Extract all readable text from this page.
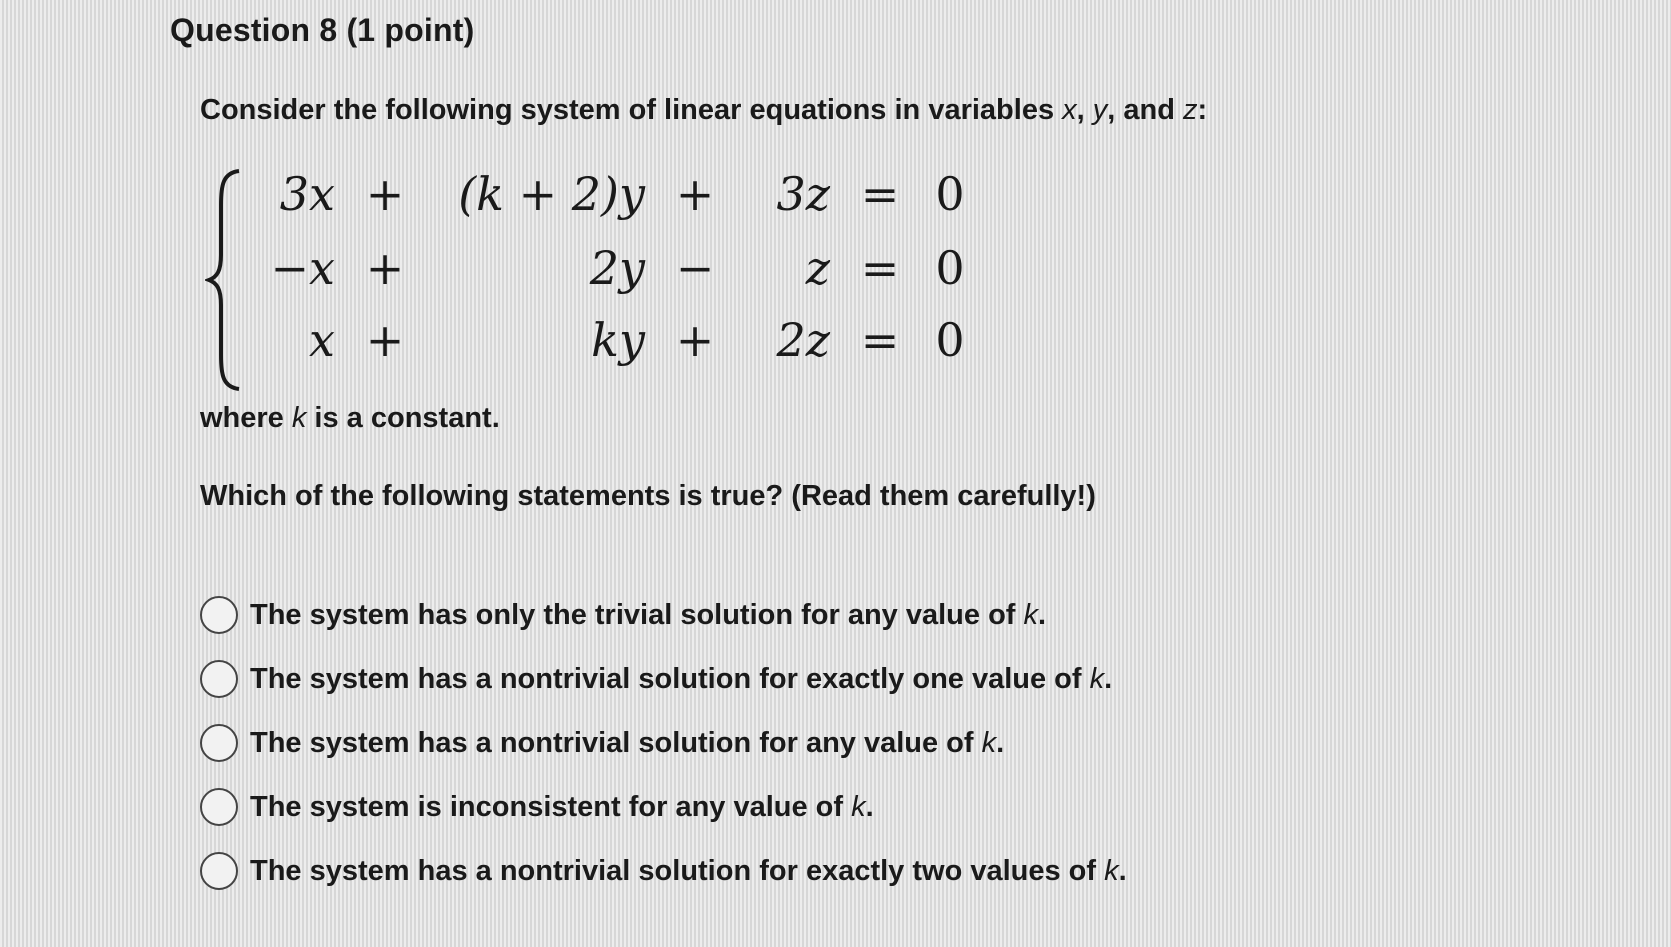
Question 8 (1 point)
Consider the following system of linear equations in variables x, y, and z:
3x + (k + 2)y +	3z = 0
−x +	2y −	z = 0
x +	ky +	2z = 0
where k is a constant.
Which of the following statements is true? (Read them carefully!)
The system has only the trivial solution for any value of k.
The system has a nontrivial solution for exactly one value of k.
The system has a nontrivial solution for any value of k.
The system is inconsistent for any value of k.
The system has a nontrivial solution for exactly two values of k.
